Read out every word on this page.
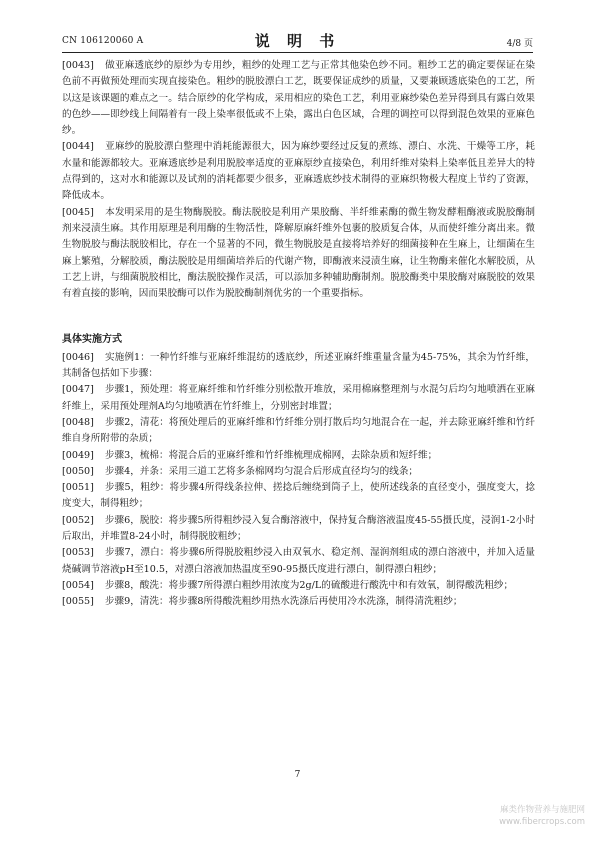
CN 106120060 A	说 明 书	4/8 页

[0043] 做亚麻透底纱的原纱为专用纱，粗纱的处理工艺与正常其他染色纱不同。粗纱工艺的确定要保证在染色前不再做预处理而实现直接染色。粗纱的脱胶漂白工艺，既要保证成纱的质量，又要兼顾透底染色的工艺，所以这是该课题的难点之一。结合原纱的化学构成，采用相应的染色工艺，利用亚麻纱染色差异得到具有露白效果的色纱——即纱线上间隔着有一段上染率很低或不上染，露出白色区域，合理的调控可以得到混色效果的亚麻色纱。

[0044] 亚麻纱的脱胶漂白整理中消耗能源很大，因为麻纱要经过反复的煮练、漂白、水洗、干燥等工序，耗水量和能源都较大。亚麻透底纱是利用脱胶率适度的亚麻原纱直接染色，利用纤维对染料上染率低且差异大的特点得到的，这对水和能源以及试剂的消耗都要少很多，亚麻透底纱技术制得的亚麻织物极大程度上节约了资源，降低成本。

[0045] 本发明采用的是生物酶脱胶。酶法脱胶是利用产果胶酶、半纤维素酶的微生物发酵粗酶液或脱胶酶制剂来浸渍生麻。其作用原理是利用酶的生物活性，降解原麻纤维外包裹的胶质复合体，从而使纤维分离出来。微生物脱胶与酶法脱胶相比，存在一个显著的不同，微生物脱胶是直接将培养好的细菌接种在生麻上，让细菌在生麻上繁殖，分解胶质，酶法脱胶是用细菌培养后的代谢产物，即酶液来浸渍生麻，让生物酶来催化水解胶质，从工艺上讲，与细菌脱胶相比，酶法脱胶操作灵活，可以添加多种辅助酶制剂。脱胶酶类中果胶酶对麻脱胶的效果有着直接的影响，因而果胶酶可以作为脱胶酶制剂优劣的一个重要指标。

具体实施方式

[0046] 实施例1：一种竹纤维与亚麻纤维混纺的透底纱，所述亚麻纤维重量含量为45-75%，其余为竹纤维，其制备包括如下步骤：

[0047] 步骤1，预处理：将亚麻纤维和竹纤维分别松散开堆放，采用棉麻整理剂与水混匀后均匀地喷洒在亚麻纤维上，采用预处理剂A均匀地喷洒在竹纤维上，分别密封堆置；

[0048] 步骤2，清花：将预处理后的亚麻纤维和竹纤维分别打散后均匀地混合在一起，并去除亚麻纤维和竹纤维自身所附带的杂质；

[0049] 步骤3，梳棉：将混合后的亚麻纤维和竹纤维梳理成棉网，去除杂质和短纤维；

[0050] 步骤4，并条：采用三道工艺将多条棉网均匀混合后形成直径均匀的线条；

[0051] 步骤5，粗纱：将步骤4所得线条拉伸、搓捻后缠绕到筒子上，使所述线条的直径变小，强度变大，捻度变大，制得粗纱；

[0052] 步骤6，脱胶：将步骤5所得粗纱浸入复合酶溶液中，保持复合酶溶液温度45-55摄氏度，浸润1-2小时后取出，并堆置8-24小时，制得脱胶粗纱；

[0053] 步骤7，漂白：将步骤6所得脱胶粗纱浸入由双氧水、稳定剂、湿润剂组成的漂白溶液中，并加入适量烧碱调节溶液pH至10.5，对漂白溶液加热温度至90-95摄氏度进行漂白，制得漂白粗纱；

[0054] 步骤8，酸洗：将步骤7所得漂白粗纱用浓度为2g/L的硫酸进行酸洗中和有效氧，制得酸洗粗纱；

[0055] 步骤9，清洗：将步骤8所得酸洗粗纱用热水洗涤后再使用冷水洗涤，制得清洗粗纱；

7
麻类作物营养与施肥网
www.fibercrops.com
